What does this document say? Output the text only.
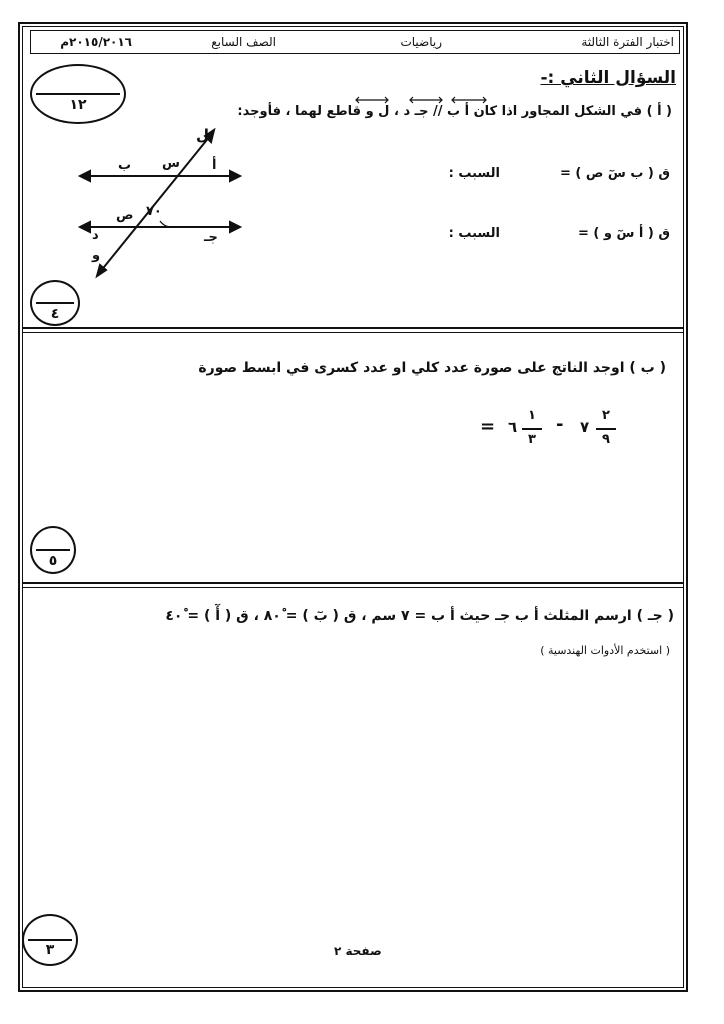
اختبار الفترة الثالثة
رياضيات
الصف السابع
٢٠١٥/٢٠١٦م
السؤال الثاني :-
١٢	( أ ) في الشكل المجاور اذا كان أ ب // جـ د ، ل و قاطع لهما ، فأوجد:
ل
س
ب	أ
ص ٧٠
د	جـ
و
ق ( ب سٓ ص ) =
السبب :
ق ( أ سٓ و ) =
السبب :
٤
( ب ) اوجد الناتج على صورة عدد كلي او عدد كسرى في ابسط صورة
= ٦
١
٣
- ٧
٢
٩
٥
( جـ ) ارسم المثلث أ ب جـ حيث أ ب = ٧ سم ، ق ( بٓ ) = ٨٠ْ ، ق ( أٓ ) = ٤٠ْ
( استخدم الأدوات الهندسية )
٣	صفحة ٢
